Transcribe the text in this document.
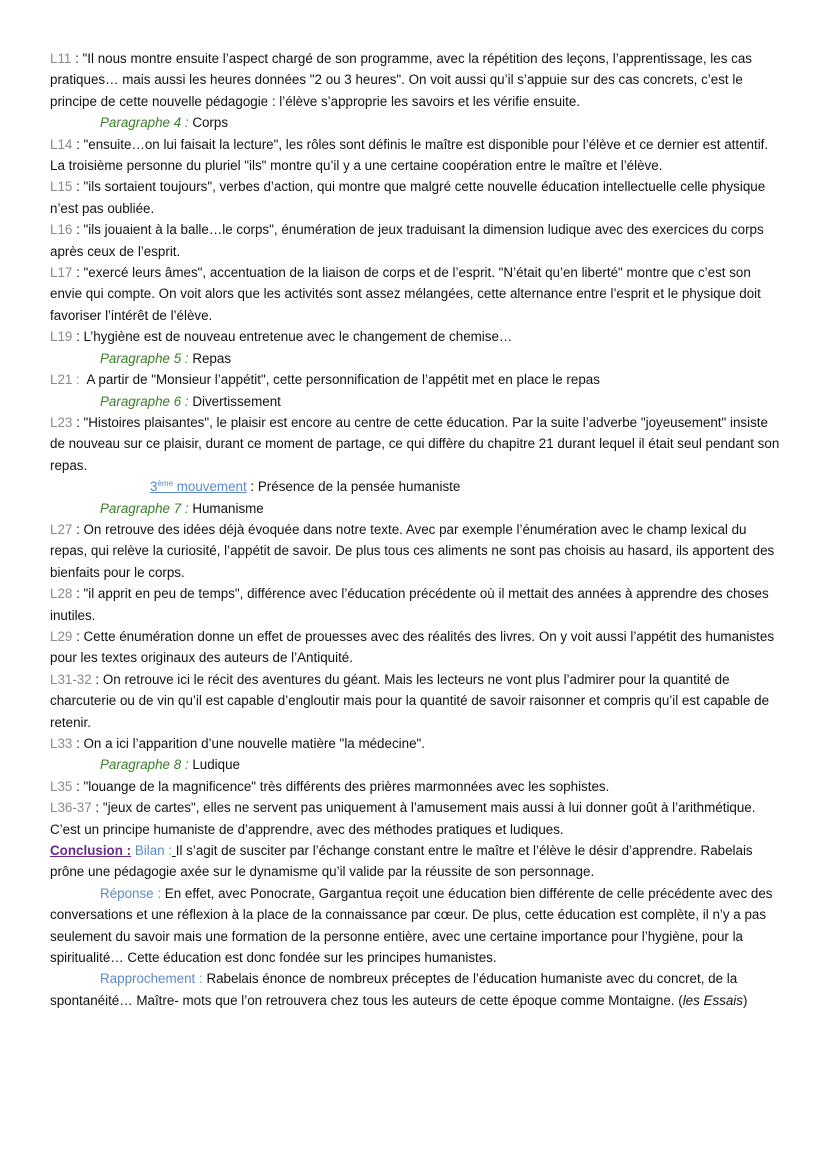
L11 : "Il nous montre ensuite l’aspect chargé de son programme, avec la répétition des leçons, l’apprentissage, les cas pratiques… mais aussi les heures données "2 ou 3 heures". On voit aussi qu’il s’appuie sur des cas concrets, c’est le principe de cette nouvelle pédagogie : l’élève s’approprie les savoirs et les vérifie ensuite.

Paragraphe 4 : Corps

L14 : "ensuite…on lui faisait la lecture", les rôles sont définis le maître est disponible pour l’élève et ce dernier est attentif. La troisième personne du pluriel "ils" montre qu’il y a une certaine coopération entre le maître et l’élève.

L15 : "ils sortaient toujours", verbes d’action, qui montre que malgré cette nouvelle éducation intellectuelle celle physique n’est pas oubliée.

L16 : "ils jouaient à la balle…le corps", énumération de jeux traduisant la dimension ludique avec des exercices du corps après ceux de l’esprit.

L17 : "exercé leurs âmes", accentuation de la liaison de corps et de l’esprit. "N’était qu’en liberté" montre que c’est son envie qui compte. On voit alors que les activités sont assez mélangées, cette alternance entre l’esprit et le physique doit favoriser l’intérêt de l’élève.

L19 : L’hygiène est de nouveau entretenue avec le changement de chemise…

Paragraphe 5 : Repas

L21 :  A partir de "Monsieur l’appétit", cette personnification de l’appétit met en place le repas

Paragraphe 6 : Divertissement

L23 : "Histoires plaisantes", le plaisir est encore au centre de cette éducation. Par la suite l’adverbe "joyeusement" insiste de nouveau sur ce plaisir, durant ce moment de partage, ce qui diffère du chapitre 21 durant lequel il était seul pendant son repas.

3ème mouvement : Présence de la pensée humaniste

Paragraphe 7 : Humanisme

L27 : On retrouve des idées déjà évoquée dans notre texte. Avec par exemple l’énumération avec le champ lexical du repas, qui relève la curiosité, l’appétit de savoir. De plus tous ces aliments ne sont pas choisis au hasard, ils apportent des bienfaits pour le corps.

L28 : "il apprit en peu de temps", différence avec l’éducation précédente où il mettait des années à apprendre des choses inutiles.

L29 : Cette énumération donne un effet de prouesses avec des réalités des livres. On y voit aussi l’appétit des humanistes pour les textes originaux des auteurs de l’Antiquité.

L31-32 : On retrouve ici le récit des aventures du géant. Mais les lecteurs ne vont plus l’admirer pour la quantité de charcuterie ou de vin qu’il est capable d’engloutir mais pour la quantité de savoir raisonner et compris qu’il est capable de retenir.

L33 : On a ici l’apparition d’une nouvelle matière "la médecine".

Paragraphe 8 : Ludique

L35 : "louange de la magnificence" très différents des prières marmonnées avec les sophistes.

L36-37 : "jeux de cartes", elles ne servent pas uniquement à l’amusement mais aussi à lui donner goût à l’arithmétique. C’est un principe humaniste de d’apprendre, avec des méthodes pratiques et ludiques.

Conclusion : Bilan : Il s’agit de susciter par l’échange constant entre le maître et l’élève le désir d’apprendre. Rabelais prône une pédagogie axée sur le dynamisme qu’il valide par la réussite de son personnage.

Réponse : En effet, avec Ponocrate, Gargantua reçoit une éducation bien différente de celle précédente avec des conversations et une réflexion à la place de la connaissance par cœur. De plus, cette éducation est complète, il n’y a pas seulement du savoir mais une formation de la personne entière, avec une certaine importance pour l’hygiène, pour la spiritualité… Cette éducation est donc fondée sur les principes humanistes.

Rapprochement : Rabelais énonce de nombreux préceptes de l’éducation humaniste avec du concret, de la spontanéité… Maître- mots que l’on retrouvera chez tous les auteurs de cette époque comme Montaigne. (les Essais)
